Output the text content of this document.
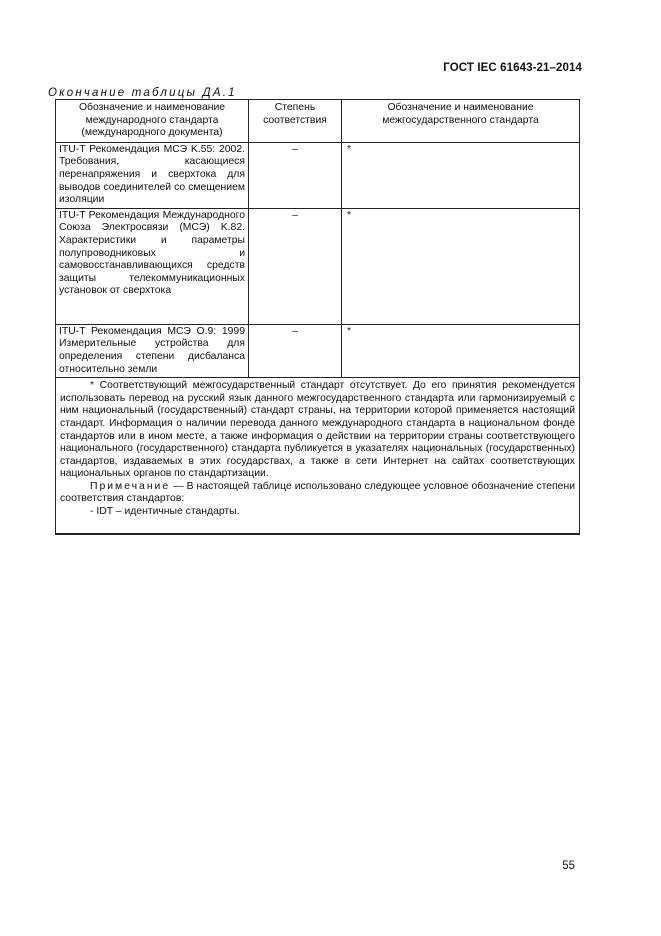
ГОСТ IEC 61643-21–2014
Окончание таблицы ДА.1
Обозначение и наименование международного стандарта (международного документа)	Степень соответствия	Обозначение и наименование межгосударственного стандарта
ITU-T Рекомендация МСЭ K.55: 2002. Требования, касающиеся перенапряжения и сверхтока для выводов соединителей со смещением изоляции	–	*
ITU-T Рекомендация Международного Союза Электросвязи (МСЭ) K.82. Характеристики и параметры полупроводниковых и самовосстанавливающихся средств защиты телекоммуникационных установок от сверхтока	–	*
ITU-T Рекомендация МСЭ O.9: 1999 Измерительные устройства для определения степени дисбаланса относительно земли	–	*

* Соответствующий межгосударственный стандарт отсутствует. До его принятия рекомендуется использовать перевод на русский язык данного межгосударственного стандарта или гармонизируемый с ним национальный (государственный) стандарт страны, на территории которой применяется настоящий стандарт. Информация о наличии перевода данного международного стандарта в национальном фонде стандартов или в ином месте, а также информация о действии на территории страны соответствующего национального (государственного) стандарта публикуется в указателях национальных (государственных) стандартов, издаваемых в этих государствах, а также в сети Интернет на сайтах соответствующих национальных органов по стандартизации.
Примечание — В настоящей таблице использовано следующее условное обозначение степени соответствия стандартов:
- IDT – идентичные стандарты.		
55
